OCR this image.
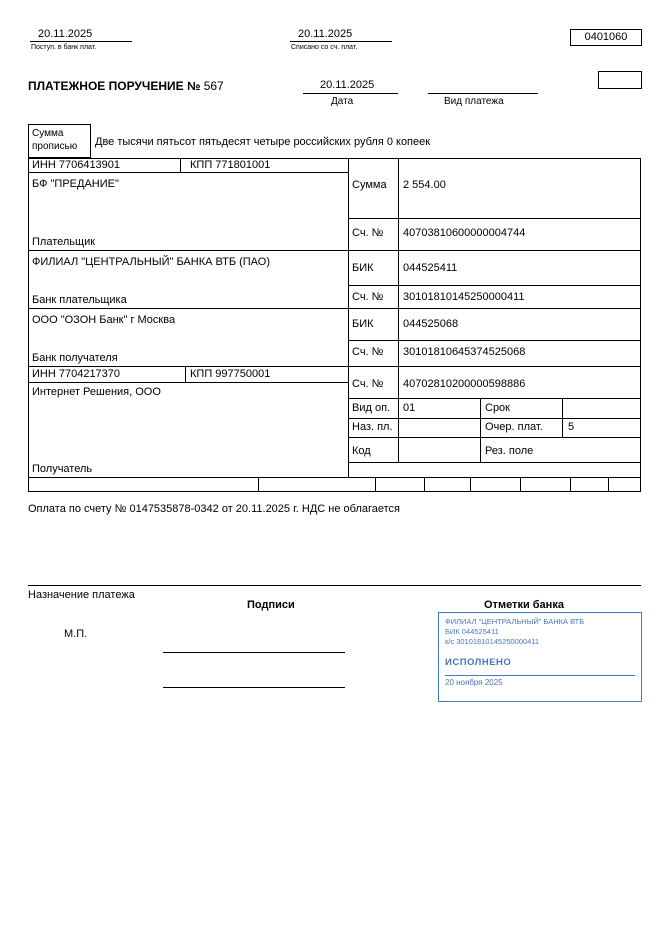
20.11.2025
Поступ. в банк плат.
20.11.2025
Списано со сч. плат.
0401060
ПЛАТЕЖНОЕ ПОРУЧЕНИЕ № 567	20.11.2025
Дата	Вид платежа
Сумма
прописью	Две тысячи пятьсот пятьдесят четыре российских рубля 0 копеек
ИНН 7706413901	КПП 771801001
БФ "ПРЕДАНИЕ"
Плательщик
ФИЛИАЛ "ЦЕНТРАЛЬНЫЙ" БАНКА ВТБ (ПАО)
Банк плательщика
ООО "ОЗОН Банк" г Москва
Банк получателя
ИНН 7704217370	КПП 997750001
Интернет Решения, ООО
Получатель
Сумма 2 554.00
Сч. № 40703810600000004744
БИК	044525411
Сч. № 30101810145250000411
БИК	044525068
Сч. № 30101810645374525068
Сч. № 40702810200000598886
Вид оп. 01	Срок
Наз. пл.	Очер. плат. 5
Код	Рез. поле
Оплата по счету № 0147535878-0342 от 20.11.2025 г. НДС не облагается
Назначение платежа
Подписи	Отметки банка
М.П.
ФИЛИАЛ "ЦЕНТРАЛЬНЫЙ" БАНКА ВТБ
БИК 044525411
к/с 30101810145250000411
ИСПОЛНЕНО
20 ноября 2025
